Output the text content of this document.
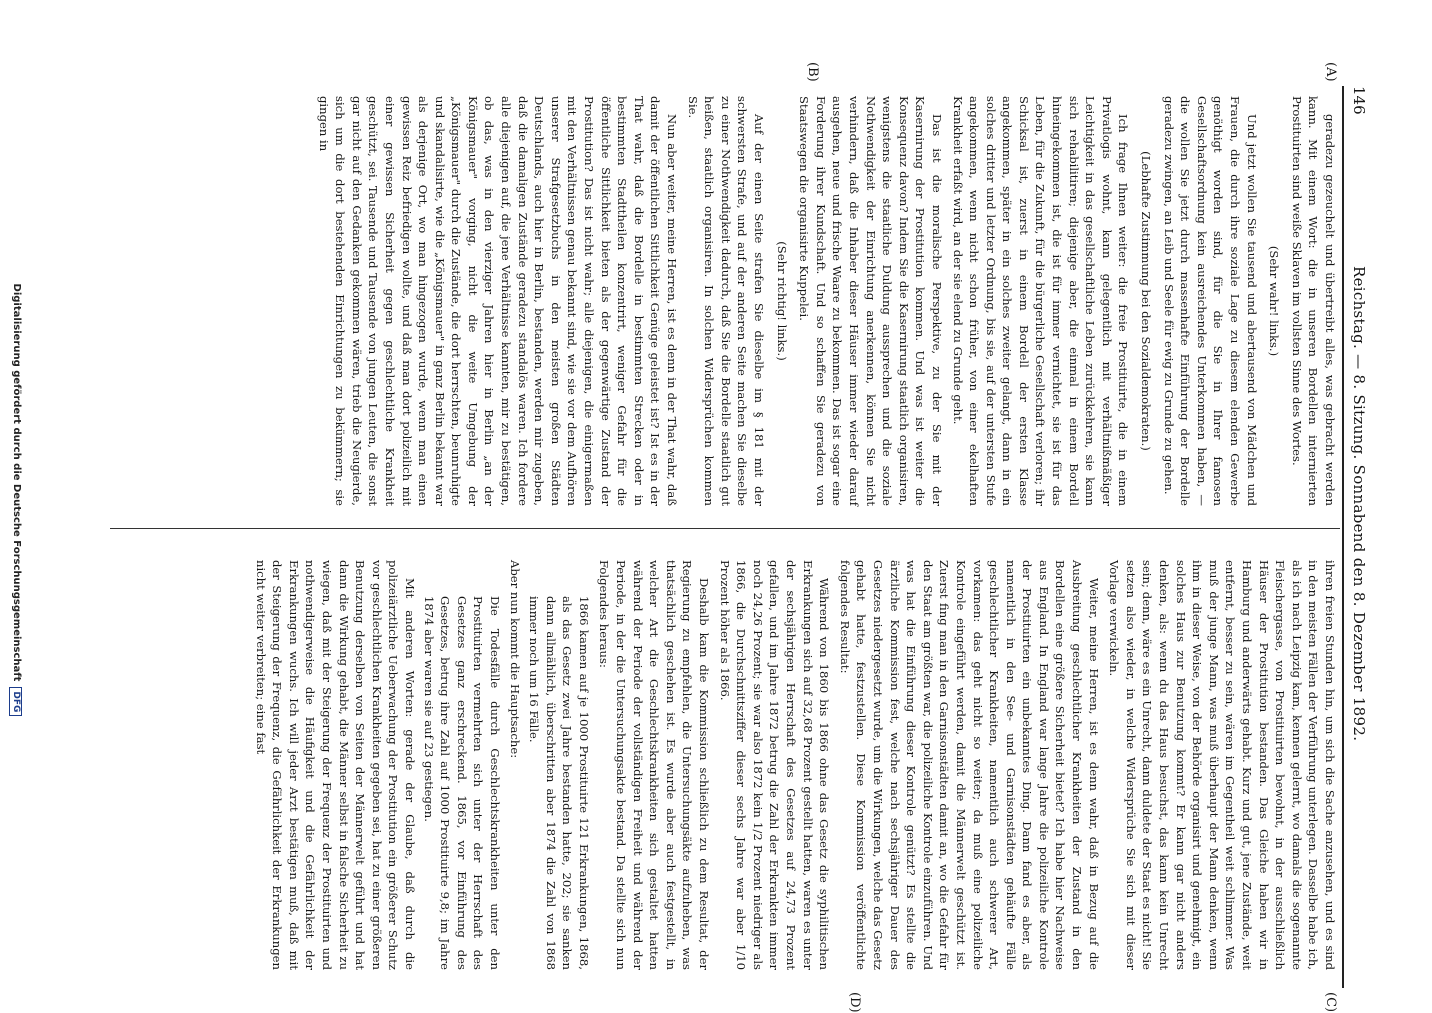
146
Reichstag. — 8. Sitzung. Sonnabend den 8. Dezember 1892.
(A)
(B)
(C)
(D)

geradezu gezeuchelt und übertreibt alles, was gebracht werden kann. Mit einem Wort: die in unseren Bordellen internierten Prostituirten sind weiße Sklaven im vollsten Sinne des Wortes.

(Sehr wahr! links.)

Und jetzt wollen Sie tausend und abertausend von Mädchen und Frauen, die durch ihre soziale Lage zu diesem elenden Gewerbe genöthigt worden sind, für die Sie in Ihrer famosen Gesellschaftsordnung kein ausreichendes Unterkommen haben, — die wollen Sie jetzt durch massenhafte Einführung der Bordelle geradezu zwingen, an Leib und Seele für ewig zu Grunde zu gehen.

(Lebhafte Zustimmung bei den Sozialdemokraten.)

Ich frage Ihnen weiter: die freie Prostituirte, die in einem Privatlogis wohnt, kann gelegentlich mit verhältnißmäßiger Leichtigkeit in das gesellschaftliche Leben zurückkehren, sie kann sich rehabilitiren; diejenige aber, die einmal in einem Bordell hineingekommen ist, die ist für immer vernichtet, sie ist für das Leben, für die Zukunft, für die bürgerliche Gesellschaft verloren; ihr Schicksal ist, zuerst in einem Bordell der ersten Klasse angekommen, später in ein solches zweiter gelangt, dann in ein solches dritter und letzter Ordnung, bis sie, auf der untersten Stufe angekommen, wenn nicht schon früher, von einer ekelhaften Krankheit erfaßt wird, an der sie elend zu Grunde geht.

Das ist die moralische Perspektive, zu der Sie mit der Kasernirung der Prostitution kommen. Und was ist weiter die Konsequenz davon? Indem Sie die Kasernirung staatlich organisiren, wenigstens die staatliche Duldung aussprechen und die soziale Nothwendigkeit der Einrichtung anerkennen, können Sie nicht verhindern, daß die Inhaber dieser Häuser immer wieder darauf ausgehen, neue und frische Waare zu bekommen. Das ist sogar eine Forderung ihrer Kundschaft. Und so schaffen Sie geradezu von Staatswegen die organisirte Kuppelei.

(Sehr richtig! links.)

Auf der einen Seite strafen Sie dieselbe im § 181 mit der schwersten Strafe, und auf der anderen Seite machen Sie dieselbe zu einer Nothwendigkeit dadurch, daß Sie die Bordelle staatlich gut heißen, staatlich organisiren. In solchen Widersprüchen kommen Sie.

Nun aber weiter, meine Herren, ist es denn in der That wahr, daß damit der öffentlichen Sittlichkeit Genüge geleistet ist? Ist es in der That wahr, daß die Bordelle in bestimmten Strecken oder in bestimmten Stadttheilen konzentrirt, weniger Gefahr für die öffentliche Sittlichkeit bieten als der gegenwärtige Zustand der Prostitution? Das ist nicht wahr; alle diejenigen, die einigermaßen mit den Verhältnissen genau bekannt sind, wie sie vor dem Aufhören unserer Strafgesetzbuchs in den meisten großen Städten Deutschlands, auch hier in Berlin, bestanden, werden mir zugeben, daß die damaligen Zustände geradezu standalös waren. Ich fordere alle diejenigen auf, die jene Verhältnisse kannten, mir zu bestätigen, ob das, was in den vierziger Jahren hier in Berlin „an der Königsmauer" vorging, nicht die weite Umgebung der „Königsmauer" durch die Zustände, die dort herrschten, beunruhigte und skandalisirte, wie die „Königsmauer" in ganz Berlin bekannt war als derjenige Ort, wo man hingezogen wurde, wenn man einen gewissen Reiz befriedigen wollte, und daß man dort polizeilich mit einer gewissen Sicherheit gegen geschlechtliche Krankheit geschützt, sei. Tausende und Tausende von jungen Leuten, die sonst gar nicht auf den Gedanken gekommen wären, trieb die Neugierde, sich um die dort bestehenden Einrichtungen zu bekümmern; sie gingen in

ihren freien Stunden hin, um sich die Sache anzusehen, und es sind in den meisten Fällen der Verführung unterlegen. Dasselbe habe ich, als ich nach Leipzig kam, kennen gelernt, wo damals die sogenannte Fleischergasse, von Prostituirten bewohnt, in der ausschließlich Häuser der Prostitution bestanden. Das Gleiche haben wir in Hamburg und anderwärts gehabt. Kurz und gut, jene Zustände, weit entfernt, besser zu sein, wären im Gegentheil weit schlimmer. Was muß der junge Mann, was muß überhaupt der Mann denken, wenn ihm in dieser Weise, von der Behörde organisirt und genehmigt, ein solches Haus zur Benutzung kommt? Er kann gar nicht anders denken, als: wenn du das Haus besuchst, das kann kein Unrecht sein; denn, wäre es ein Unrecht, dann duldete der Staat es nicht! Sie setzen also wieder, in welche Widersprüche Sie sich mit dieser Vorlage verwickeln.

Weiter, meine Herren, ist es denn wahr, daß in Bezug auf die Ausbreitung geschlechtlicher Krankheiten der Zustand in den Bordellen eine größere Sicherheit bietet? Ich habe hier Nachweise aus England. In England war lange Jahre die polizeiliche Kontrole der Prostituirten ein unbekanntes Ding. Dann fand es aber, als namentlich in den See- und Garnisonstädten gehäufte Fälle geschlechtlicher Krankheiten, namentlich auch schwerer Art, vorkamen: das geht nicht so weiter; da muß eine polizeiliche Kontrole eingeführt werden, damit die Männerwelt geschützt ist. Zuerst fing man in den Garnisonstädten damit an, wo die Gefahr für den Staat am größten war, die polizeiliche Kontrole einzuführen. Und was hat die Einführung dieser Kontrole genützt? Es stellte die ärztliche Kommission fest, welche nach sechsjähriger Dauer des Gesetzes niedergesetzt wurde, um die Wirkungen, welche das Gesetz gehabt hatte, festzustellen. Diese Kommission veröffentlichte folgendes Resultat:

Während von 1860 bis 1866 ohne das Gesetz die syphilitischen Erkrankungen sich auf 32,68 Prozent gestellt hatten, waren es unter der sechsjährigen Herrschaft des Gesetzes auf 24,73 Prozent gefallen, und im Jahre 1872 betrug die Zahl der Erkrankten immer noch 24,26 Prozent; sie war also 1872 kein 1/2 Prozent niedriger als 1866, die Durchschnittsziffer dieser sechs Jahre war aber 1/10 Prozent höher als 1866.

Deshalb kam die Kommission schließlich zu dem Resultat, der Regierung zu empfehlen, die Untersuchungsäkte aufzuheben, was thatsächlich geschehen ist. Es wurde aber auch festgestellt, in welcher Art die Geschlechtskrankheiten sich gestaltet hatten während der Periode der vollständigen Freiheit und während der Periode, in der die Untersuchungsakte bestand. Da stellte sich nun Folgendes heraus:

1866 kamen auf je 1000 Prostituirte 121 Erkrankungen, 1868, als das Gesetz zwei Jahre bestanden hatte, 202; sie sanken dann allmählich, überschritten aber 1874 die Zahl von 1868 immer noch um 16 Fälle.

Aber nun kommt die Hauptsache:

Die Todesfälle durch Geschlechtskrankheiten unter den Prostituirten vermehrten sich unter der Herrschaft des Gesetzes ganz erschreckend. 1865, vor Einführung des Gesetzes, betrug ihre Zahl auf 1000 Prostituirte 9,8; im Jahre 1874 aber waren sie auf 23 gestiegen.

Mit anderen Worten: gerade der Glaube, daß durch die polizeiärztliche Ueberwachung der Prostitution ein größerer Schutz vor geschlechtlichen Krankheiten gegeben sei, hat zu einer größeren Benutzung derselben von Seiten der Männerwelt geführt und hat dann die Wirkung gehabt, die Männer selbst in falsche Sicherheit zu wiegen, daß mit der Steigerung der Frequenz der Prostituirten und nothwendigerweise die Häufigkeit und die Gefährlichkeit der Erkrankungen wuchs. Ich will jeder Arzt bestätigen muß, daß mit der Steigerung der Frequenz, die Gefährlichkeit der Erkrankungen nicht weiter verbreiten; eine fast

Digitalisierung gefördert durch die Deutsche ForschungsgemeinschaftDFG
